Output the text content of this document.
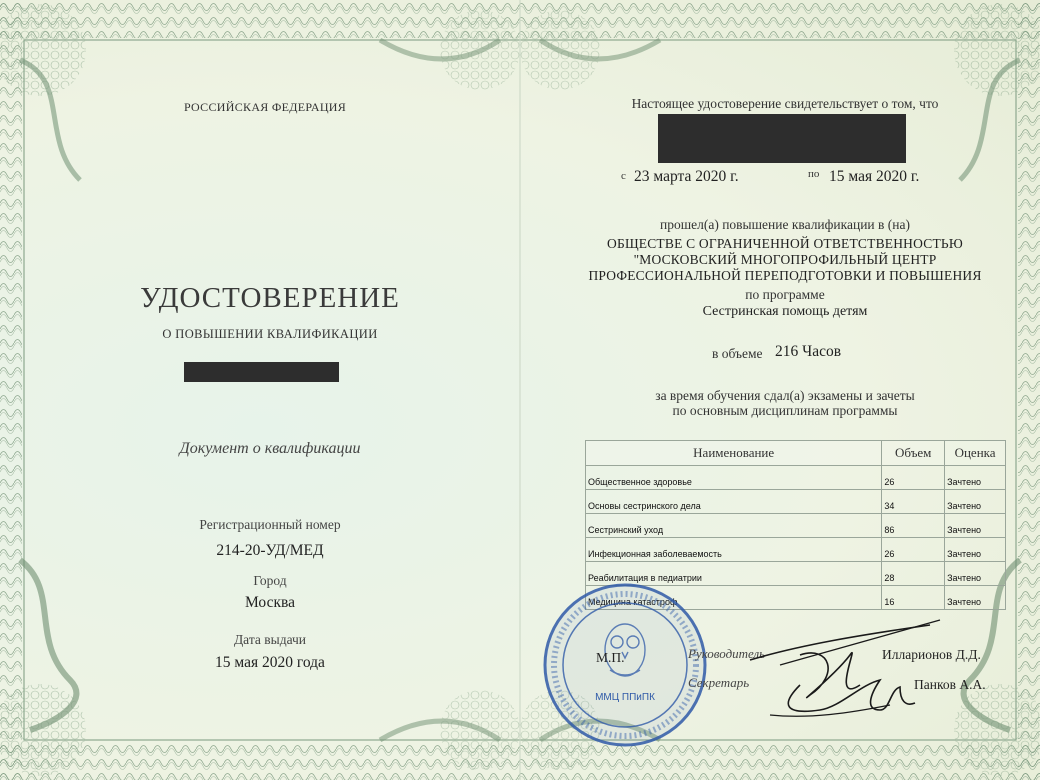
РОССИЙСКАЯ ФЕДЕРАЦИЯ
УДОСТОВЕРЕНИЕ
О ПОВЫШЕНИИ КВАЛИФИКАЦИИ
Документ о квалификации
Регистрационный номер
214-20-УД/МЕД
Город
Москва
Дата выдачи
15 мая 2020 года
Настоящее удостоверение свидетельствует о том, что
с 23 марта 2020 г.	по 15 мая 2020 г.
прошел(а) повышение квалификации в (на)
ОБЩЕСТВЕ С ОГРАНИЧЕННОЙ ОТВЕТСТВЕННОСТЬЮ
"МОСКОВСКИЙ МНОГОПРОФИЛЬНЫЙ ЦЕНТР
ПРОФЕССИОНАЛЬНОЙ ПЕРЕПОДГОТОВКИ И ПОВЫШЕНИЯ
по программе
Сестринская помощь детям
в объеме 216 Часов
за время обучения сдал(а) экзамены и зачеты
по основным дисциплинам программы
Наименование	Объем	Оценка
Общественное здоровье	26	Зачтено
Основы сестринского дела	34	Зачтено
Сестринский уход	86	Зачтено
Инфекционная заболеваемость	26	Зачтено
Реабилитация в педиатрии	28	Зачтено
	16	Зачтено
ММЦ ППиПК
М.П.	Руководитель	Илларионов Д.Д.
Секретарь	Панков А.А.
